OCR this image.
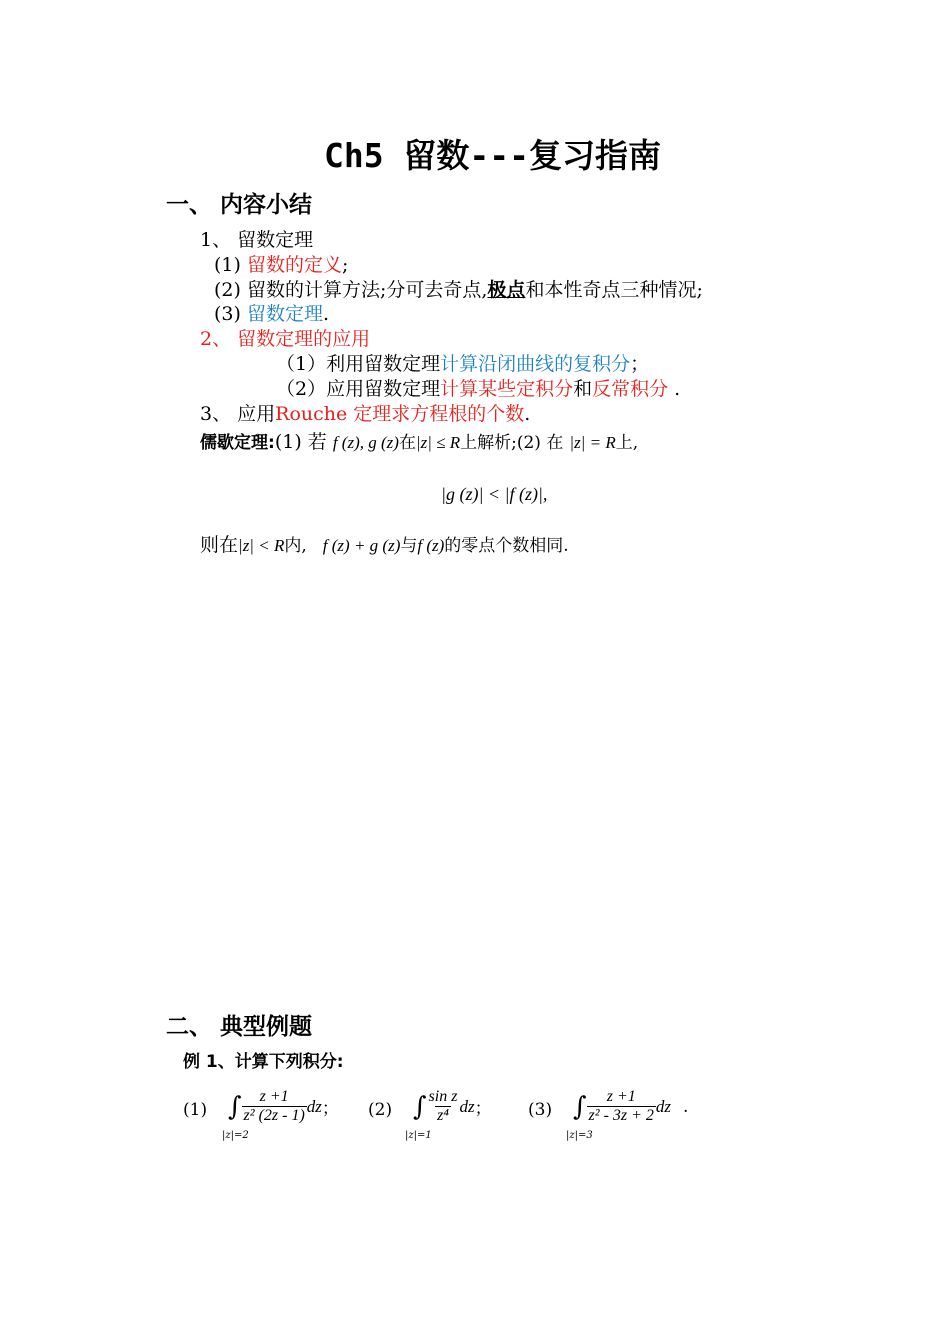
Ch5 留数---复习指南
一、 内容小结
1、 留数定理
(1) 留数的定义;
(2) 留数的计算方法;分可去奇点,极点和本性奇点三种情况;
(3) 留数定理.
2、 留数定理的应用
（1）利用留数定理计算沿闭曲线的复积分；
（2）应用留数定理计算某些定积分和反常积分 .
3、 应用Rouche 定理求方程根的个数.
儒歇定理:(1) 若 f (z), g (z)在|z| ≤ R上解析;(2) 在 |z| = R上,
|g (z)| < |f (z)|,
则在|z| < R内, f (z) + g (z)与f (z)的零点个数相同.
二、 典型例题
例 1、计算下列积分:
(1) ∫ $\frac{z +1}{\text{z² (2z - 1)}}$ dz ；
|z|=2
(2) ∫ $\frac{\text{sin z}}{\text{z⁴}}$ dz ；
|z|=1
(3) ∫ $\frac{z +1}{\text{z² - 3z + 2}}$ dz .
|z|=3
